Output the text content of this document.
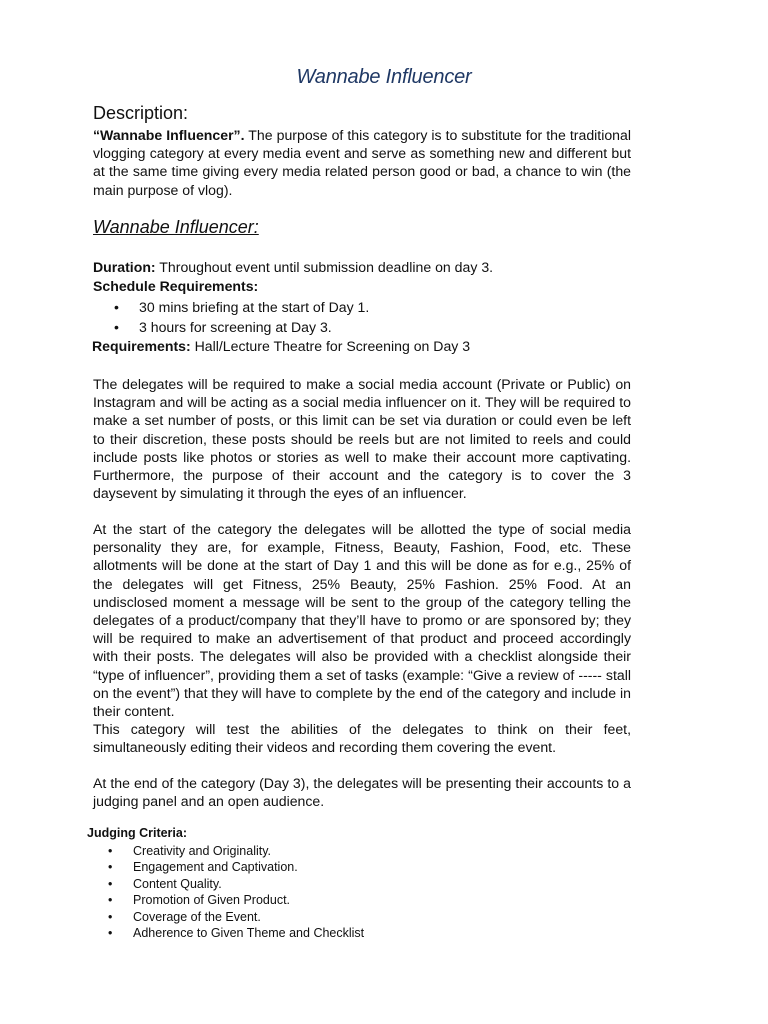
Wannabe Influencer
Description:
“Wannabe Influencer”. The purpose of this category is to substitute for the traditional vlogging category at every media event and serve as something new and different but at the same time giving every media related person good or bad, a chance to win (the main purpose of vlog).
Wannabe Influencer:
Duration: Throughout event until submission deadline on day 3.
Schedule Requirements:
• 30 mins briefing at the start of Day 1.
• 3 hours for screening at Day 3.
Requirements: Hall/Lecture Theatre for Screening on Day 3
The delegates will be required to make a social media account (Private or Public) on Instagram and will be acting as a social media influencer on it. They will be required to make a set number of posts, or this limit can be set via duration or could even be left to their discretion, these posts should be reels but are not limited to reels and could include posts like photos or stories as well to make their account more captivating. Furthermore, the purpose of their account and the category is to cover the 3 daysevent by simulating it through the eyes of an influencer.
At the start of the category the delegates will be allotted the type of social media personality they are, for example, Fitness, Beauty, Fashion, Food, etc. These allotments will be done at the start of Day 1 and this will be done as for e.g., 25% of the delegates will get Fitness, 25% Beauty, 25% Fashion. 25% Food. At an undisclosed moment a message will be sent to the group of the category telling the delegates of a product/company that they’ll have to promo or are sponsored by; they will be required to make an advertisement of that product and proceed accordingly with their posts. The delegates will also be provided with a checklist alongside their “type of influencer”, providing them a set of tasks (example: “Give a review of ----- stall on the event”) that they will have to complete by the end of the category and include in their content.
This category will test the abilities of the delegates to think on their feet, simultaneously editing their videos and recording them covering the event.
At the end of the category (Day 3), the delegates will be presenting their accounts to a judging panel and an open audience.
Judging Criteria:
• Creativity and Originality.
• Engagement and Captivation.
• Content Quality.
• Promotion of Given Product.
• Coverage of the Event.
• Adherence to Given Theme and Checklist
